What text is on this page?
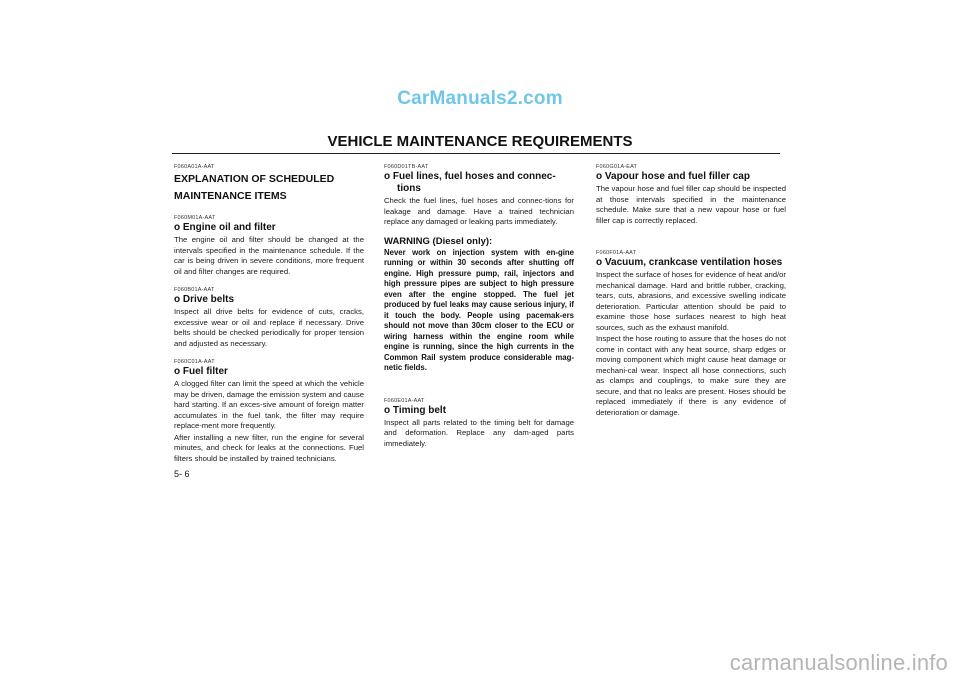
CarManuals2.com
VEHICLE MAINTENANCE REQUIREMENTS
F060A01A-AAT
EXPLANATION OF SCHEDULED
MAINTENANCE ITEMS
F060M01A-AAT
o Engine oil and filter
The engine oil and filter should be changed at the intervals specified in the maintenance schedule. If the car is being driven in severe conditions, more frequent oil and filter changes are required.
F060B01A-AAT
o Drive belts
Inspect all drive belts for evidence of cuts, cracks, excessive wear or oil and replace if necessary. Drive belts should be checked periodically for proper tension and adjusted as necessary.
F060C01A-AAT
o Fuel filter
A clogged filter can limit the speed at which the vehicle may be driven, damage the emission system and cause hard starting. If an exces-sive amount of foreign matter accumulates in the fuel tank, the filter may require replace-ment more frequently.
After installing a new filter, run the engine for several minutes, and check for leaks at the connections. Fuel filters should be installed by trained technicians.
5- 6
F060D01TB-AAT
o Fuel lines, fuel hoses and connec-tions
Check the fuel lines, fuel hoses and connec-tions for leakage and damage. Have a trained technician replace any damaged or leaking parts immediately.
WARNING (Diesel only):
Never work on injection system with en-gine running or within 30 seconds after shutting off engine. High pressure pump, rail, injectors and high pressure pipes are subject to high pressure even after the engine stopped. The fuel jet produced by fuel leaks may cause serious injury, if it touch the body. People using pacemak-ers should not move than 30cm closer to the ECU or wiring harness within the engine room while engine is running, since the high currents in the Common Rail system produce considerable mag-netic fields.
F060E01A-AAT
o Timing belt
Inspect all parts related to the timing belt for damage and deformation. Replace any dam-aged parts immediately.
F060G01A-EAT
o Vapour hose and fuel filler cap
The vapour hose and fuel filler cap should be inspected at those intervals specified in the maintenance schedule. Make sure that a new vapour hose or fuel filler cap is correctly replaced.
F060F01A-AAT
o Vacuum, crankcase ventilation hoses
Inspect the surface of hoses for evidence of heat and/or mechanical damage. Hard and brittle rubber, cracking, tears, cuts, abrasions, and excessive swelling indicate deterioration. Particular attention should be paid to examine those hose surfaces nearest to high heat sources, such as the exhaust manifold.
Inspect the hose routing to assure that the hoses do not come in contact with any heat source, sharp edges or moving component which might cause heat damage or mechani-cal wear. Inspect all hose connections, such as clamps and couplings, to make sure they are secure, and that no leaks are present. Hoses should be replaced immediately if there is any evidence of deterioration or damage.
carmanualsonline.info
